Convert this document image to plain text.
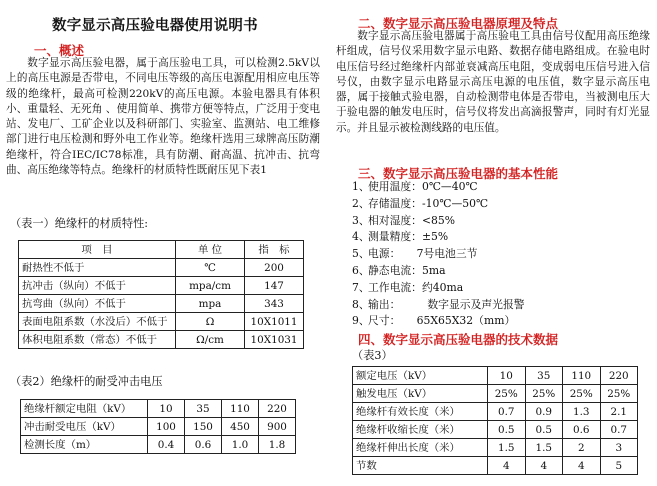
数字显示高压验电器使用说明书
一、概述
数字显示高压验电器，属于高压验电工具，可以检测2.5kV以上的高压电源是否带电，不同电压等级的高压电源配用相应电压等级的绝缘杆，最高可检测220kV的高压电源。本验电器具有体积小、重量轻、无死角 、使用简单、携带方便等特点，广泛用于变电站、发电厂、工矿企业以及科研部门、实验室、监测站、电工维修部门进行电压检测和野外电工作业等。绝缘杆选用三球牌高压防潮绝缘杆，符合IEC/IC78标准，具有防潮、耐高温、抗冲击、抗弯曲、高压绝缘等特点。绝缘杆的材质特性既耐压见下表1
（表一）绝缘杆的材质特性:
项　目	单 位	指　标
耐热性不低于	℃	200
抗冲击（纵向）不低于	mpa/cm	147
抗弯曲（纵向）不低于	mpa	343
表面电阻系数（水没后）不低于	Ω	10X1011
体积电阻系数（常态）不低于	Ω/cm	10X1031
（表2）绝缘杆的耐受冲击电压
绝缘杆额定电阻（kV）	10	35	110	220
冲击耐受电压（kV）	100	150	450	900
检测长度（m）	0.4	0.6	1.0	1.8
二、数字显示高压验电器原理及特点
数字显示高压验电器属于高压验电工具由信号仪配用高压绝缘杆组成，信号仪采用数字显示电路、数据存储电路组成。在验电时电压信号经过绝缘杆内部並衰减高压电阻，变成弱电压信号进入信号仪，由数字显示电路显示高压电源的电压值，数字显示高压电器，属于接触式验电器，自动检测带电体是否带电，当被测电压大于验电器的触发电压时，信号仪将发出高滴报警声，同时有灯光显示。并且显示被检测线路的电压值。
三、数字显示高压验电器的基本性能
1、使用温度：0℃—40℃
2、存储温度：-10℃—50℃
3、相对湿度：<85%
4、测量精度：±5%
5、电源：　　7号电池三节
6、静态电流：5ma
7、工作电流：约40ma
8、输出：　　　数字显示及声光报警
9、尺寸：　　65X65X32（mm）
四、数字显示高压验电器的技术数据
（表3）
额定电压（kV）	10	35	110	220
触发电压（kV）	25%	25%	25%	25%
绝缘杆有效长度（米）	0.7	0.9	1.3	2.1
绝缘杆收缩长度（米）	0.5	0.5	0.6	0.7
绝缘杆伸出长度（米）	1.5	1.5	2	3
节数	4	4	4	5
